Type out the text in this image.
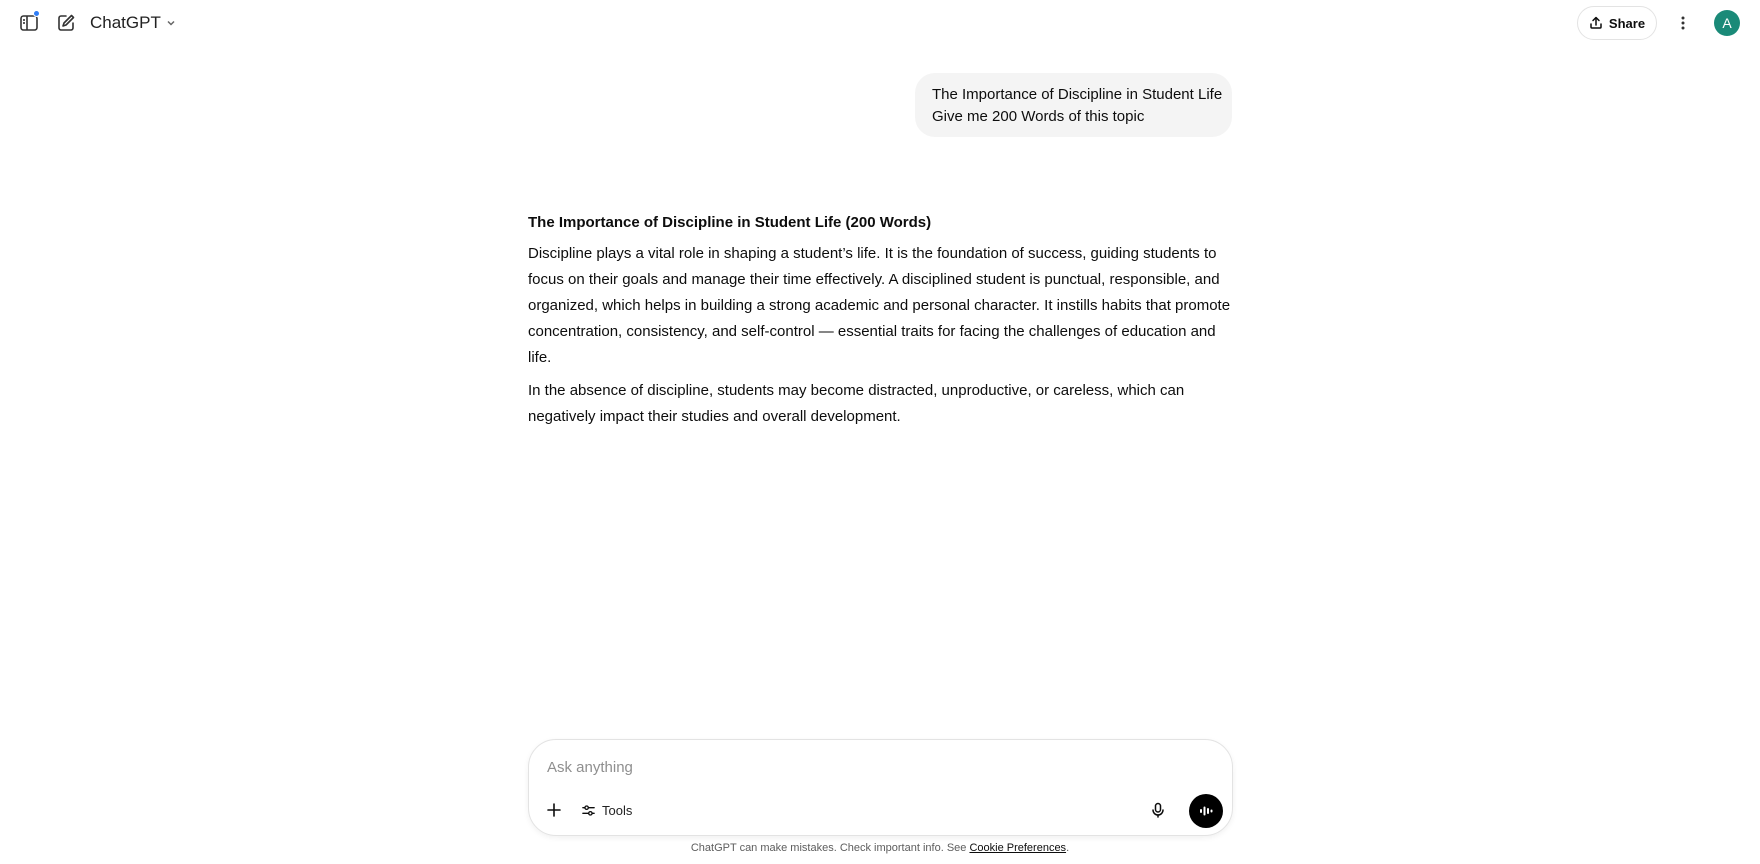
ChatGPT	Share	A
The Importance of Discipline in Student Life
Give me 200 Words of this topic
The Importance of Discipline in Student Life (200 Words)

Discipline plays a vital role in shaping a student’s life. It is the foundation of success, guiding students to focus on their goals and manage their time effectively. A disciplined student is punctual, responsible, and organized, which helps in building a strong academic and personal character. It instills habits that promote concentration, consistency, and self-control — essential traits for facing the challenges of education and life.

In the absence of discipline, students may become distracted, unproductive, or careless, which can negatively impact their studies and overall development.

Ask anything
Tools
ChatGPT can make mistakes. Check important info. See Cookie Preferences.
